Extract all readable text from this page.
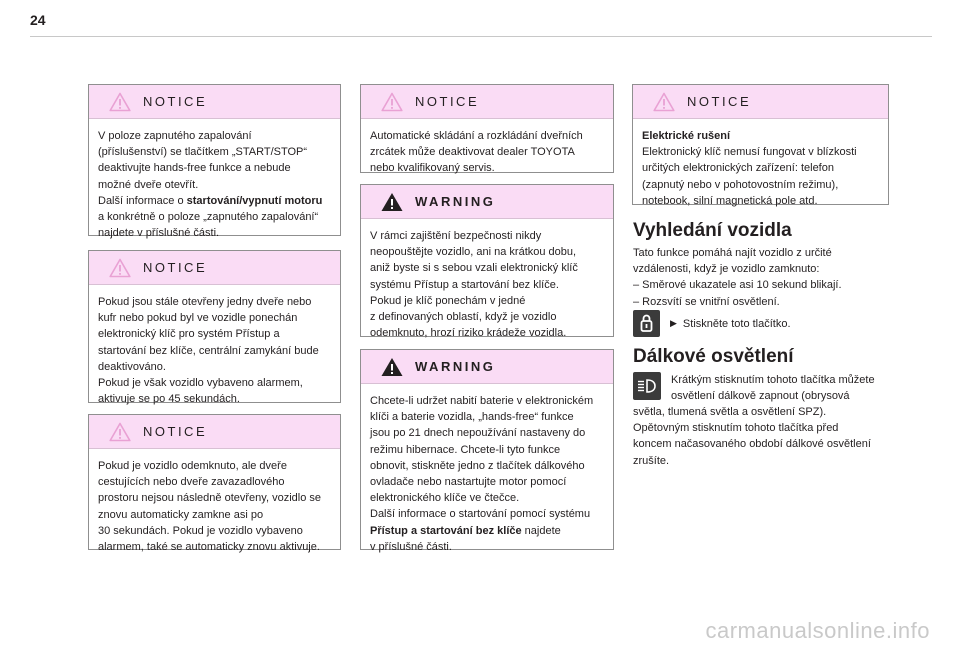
24
NOTICE

V poloze zapnutého zapalování

(příslušenství) se tlačítkem „START/STOP“

deaktivujte hands-free funkce a nebude

možné dveře otevřít.

Další informace o startování/vypnutí motoru

a konkrétně o poloze „zapnutého zapalování“

najdete v příslušné části.

NOTICE

Pokud jsou stále otevřeny jedny dveře nebo

kufr nebo pokud byl ve vozidle ponechán

elektronický klíč pro systém Přístup a

startování bez klíče, centrální zamykání bude

deaktivováno.

Pokud je však vozidlo vybaveno alarmem,

aktivuje se po 45 sekundách.

NOTICE

Pokud je vozidlo odemknuto, ale dveře

cestujících nebo dveře zavazadlového

prostoru nejsou následně otevřeny, vozidlo se

znovu automaticky zamkne asi po

30 sekundách. Pokud je vozidlo vybaveno

alarmem, také se automaticky znovu aktivuje.

NOTICE

Automatické skládání a rozkládání dveřních

zrcátek může deaktivovat dealer TOYOTA

nebo kvalifikovaný servis.

WARNING

V rámci zajištění bezpečnosti nikdy

neopouštějte vozidlo, ani na krátkou dobu,

aniž byste si s sebou vzali elektronický klíč

systému Přístup a startování bez klíče.

Pokud je klíč ponechám v jedné

z definovaných oblastí, když je vozidlo

odemknuto, hrozí riziko krádeže vozidla.

WARNING

Chcete-li udržet nabití baterie v elektronickém

klíči a baterie vozidla, „hands-free“ funkce

jsou po 21 dnech nepoužívání nastaveny do

režimu hibernace. Chcete-li tyto funkce

obnovit, stiskněte jedno z tlačítek dálkového

ovladače nebo nastartujte motor pomocí

elektronického klíče ve čtečce.

Další informace o startování pomocí systému

Přístup a startování bez klíče najdete

v příslušné části.

NOTICE

Elektrické rušení

Elektronický klíč nemusí fungovat v blízkosti

určitých elektronických zařízení: telefon

(zapnutý nebo v pohotovostním režimu),

notebook, silní magnetická pole atd.

Vyhledání vozidla

Tato funkce pomáhá najít vozidlo z určité

vzdálenosti, když je vozidlo zamknuto:

– Směrové ukazatele asi 10 sekund blikají.

– Rozsvítí se vnitřní osvětlení.

▶ Stiskněte toto tlačítko.
Dálkové osvětlení

Krátkým stisknutím tohoto tlačítka můžete

osvětlení dálkově zapnout (obrysová

světla, tlumená světla a osvětlení SPZ).

Opětovným stisknutím tohoto tlačítka před

koncem načasovaného období dálkové osvětlení

zrušíte.

carmanualsonline.info
